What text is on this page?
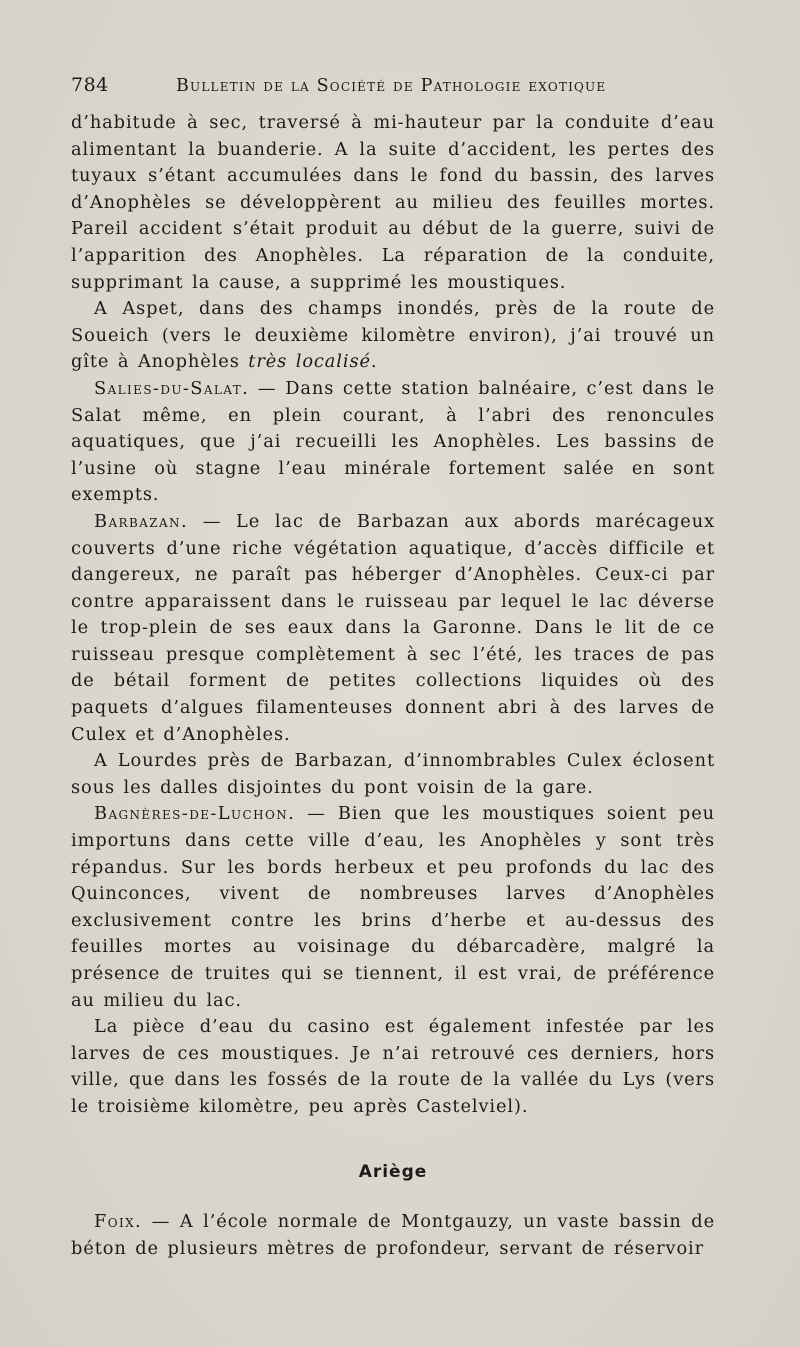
784	Bulletin de la Société de Pathologie exotique

d’habitude à sec, traversé à mi-hauteur par la conduite d’eau alimentant la buanderie. A la suite d’accident, les pertes des tuyaux s’étant accumulées dans le fond du bassin, des larves d’Anophèles se développèrent au milieu des feuilles mortes. Pareil accident s’était produit au début de la guerre, suivi de l’apparition des Anophèles. La réparation de la conduite, supprimant la cause, a supprimé les moustiques.

A Aspet, dans des champs inondés, près de la route de Soueich (vers le deuxième kilomètre environ), j’ai trouvé un gîte à Anophèles très localisé.

Salies-du-Salat. — Dans cette station balnéaire, c’est dans le Salat même, en plein courant, à l’abri des renoncules aquatiques, que j’ai recueilli les Anophèles. Les bassins de l’usine où stagne l’eau minérale fortement salée en sont exempts.

Barbazan. — Le lac de Barbazan aux abords marécageux couverts d’une riche végétation aquatique, d’accès difficile et dangereux, ne paraît pas héberger d’Anophèles. Ceux-ci par contre apparaissent dans le ruisseau par lequel le lac déverse le trop-plein de ses eaux dans la Garonne. Dans le lit de ce ruisseau presque complètement à sec l’été, les traces de pas de bétail forment de petites collections liquides où des paquets d’algues filamenteuses donnent abri à des larves de Culex et d’Anophèles.

A Lourdes près de Barbazan, d’innombrables Culex éclosent sous les dalles disjointes du pont voisin de la gare.

Bagnères-de-Luchon. — Bien que les moustiques soient peu importuns dans cette ville d’eau, les Anophèles y sont très répandus. Sur les bords herbeux et peu profonds du lac des Quinconces, vivent de nombreuses larves d’Anophèles exclusivement contre les brins d’herbe et au-dessus des feuilles mortes au voisinage du débarcadère, malgré la présence de truites qui se tiennent, il est vrai, de préférence au milieu du lac.

La pièce d’eau du casino est également infestée par les larves de ces moustiques. Je n’ai retrouvé ces derniers, hors ville, que dans les fossés de la route de la vallée du Lys (vers le troisième kilomètre, peu après Castelviel).

Ariège

Foix. — A l’école normale de Montgauzy, un vaste bassin de béton de plusieurs mètres de profondeur, servant de réservoir
